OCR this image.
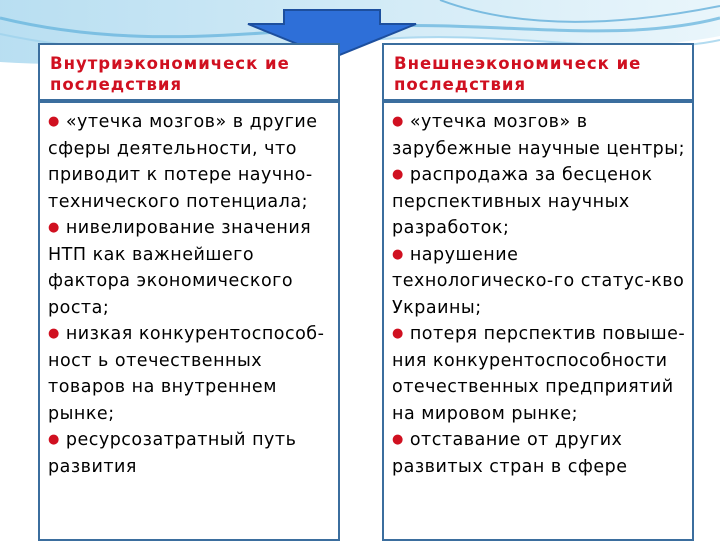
Внутриэкономическ ие последствия
● «утечка мозгов» в другие сферы деятельности, что приводит к потере научно-технического потенциала;
● нивелирование значения НТП как важнейшего фактора экономического роста;
● низкая конкурентоспособ-ност ь отечественных товаров на внутреннем рынке;
● ресурсозатратный путь развития
Внешнеэкономическ ие последствия
● «утечка мозгов» в зарубежные научные центры;
● распродажа за бесценок перспективных научных разработок;
● нарушение технологическо-го статус-кво Украины;
● потеря перспектив повыше-ния конкурентоспособности отечественных предприятий на мировом рынке;
● отставание от других развитых стран в сфере
